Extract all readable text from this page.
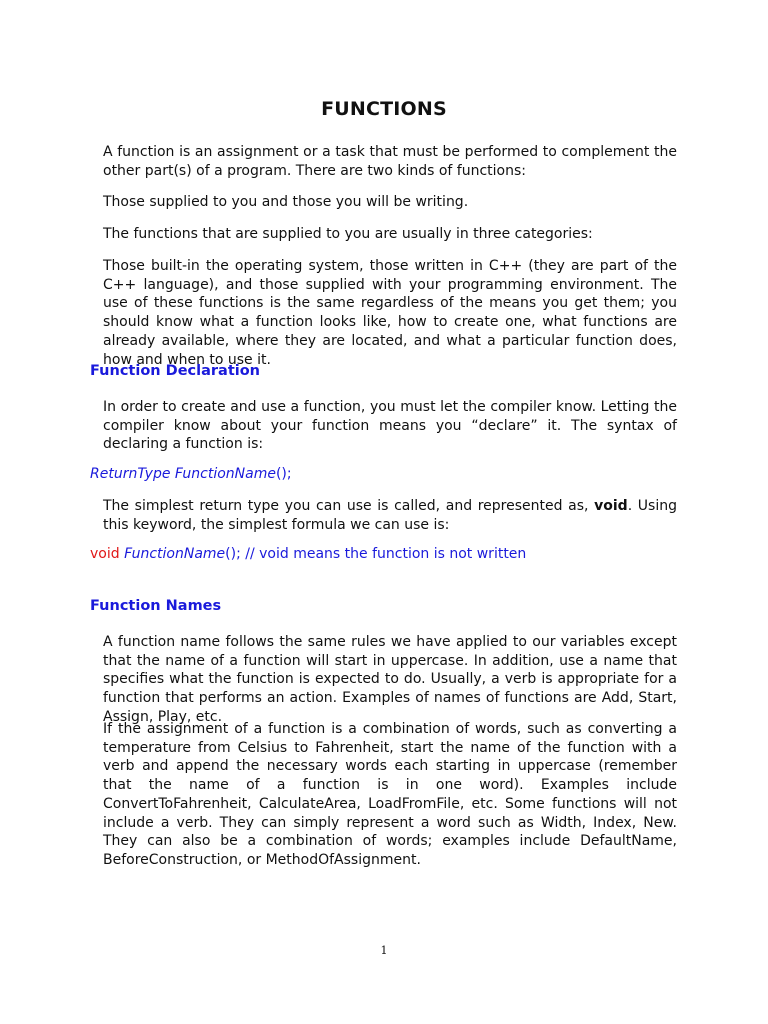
FUNCTIONS

A function is an assignment or a task that must be performed to complement the other part(s) of a program. There are two kinds of functions:

Those supplied to you and those you will be writing.

The functions that are supplied to you are usually in three categories:

Those built-in the operating system, those written in C++ (they are part of the C++ language), and those supplied with your programming environment. The use of these functions is the same regardless of the means you get them; you should know what a function looks like, how to create one, what functions are already available, where they are located, and what a particular function does, how and when to use it.

Function Declaration

In order to create and use a function, you must let the compiler know. Letting the compiler know about your function means you “declare” it. The syntax of declaring a function is:

ReturnType FunctionName();

The simplest return type you can use is called, and represented as, void. Using this keyword, the simplest formula we can use is:

void FunctionName(); // void means the function is not written

Function Names

A function name follows the same rules we have applied to our variables except that the name of a function will start in uppercase. In addition, use a name that specifies what the function is expected to do. Usually, a verb is appropriate for a function that performs an action. Examples of names of functions are Add, Start, Assign, Play, etc.

If the assignment of a function is a combination of words, such as converting a temperature from Celsius to Fahrenheit, start the name of the function with a verb and append the necessary words each starting in uppercase (remember that the name of a function is in one word). Examples include ConvertToFahrenheit, CalculateArea, LoadFromFile, etc. Some functions will not include a verb. They can simply represent a word such as Width, Index, New. They can also be a combination of words; examples include DefaultName, BeforeConstruction, or MethodOfAssignment.

1
